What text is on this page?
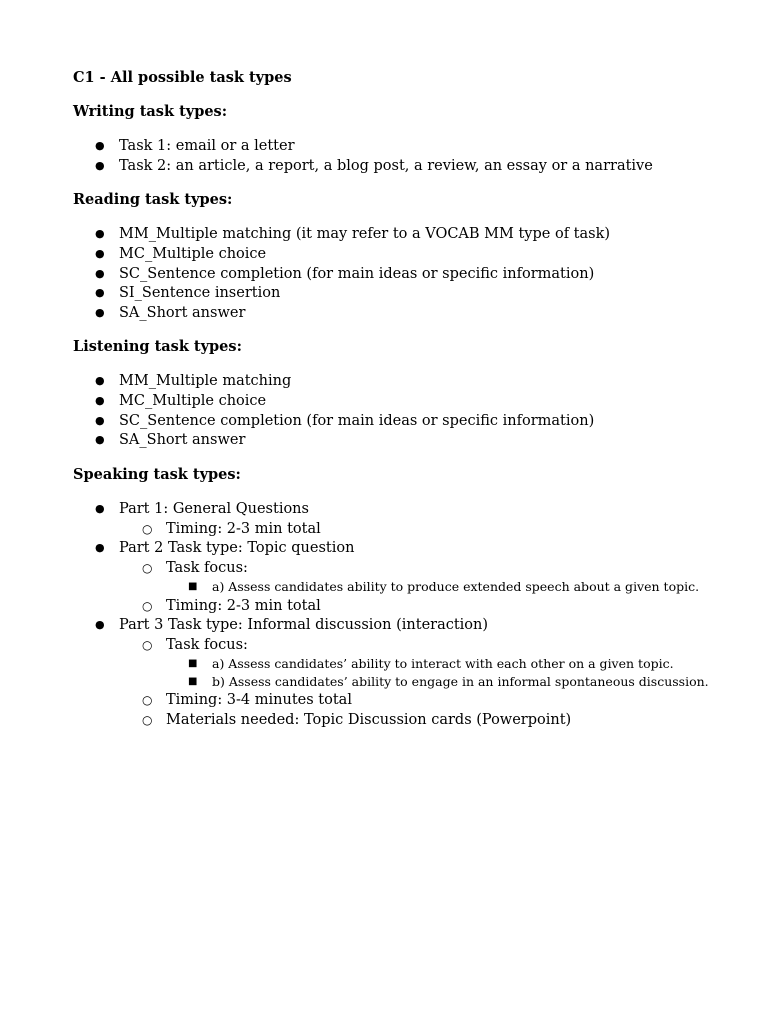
C1 - All possible task types
Writing task types:
● Task 1: email or a letter
● Task 2: an article, a report, a blog post, a review, an essay or a narrative
Reading task types:
● MM_Multiple matching (it may refer to a VOCAB MM type of task)
● MC_Multiple choice
● SC_Sentence completion (for main ideas or specific information)
● SI_Sentence insertion
● SA_Short answer
Listening task types:
● MM_Multiple matching
● MC_Multiple choice
● SC_Sentence completion (for main ideas or specific information)
● SA_Short answer
Speaking task types:
● Part 1: General Questions
○ Timing: 2-3 min total
● Part 2 Task type: Topic question
○ Task focus:
■ a) Assess candidates ability to produce extended speech about a given topic.
○ Timing: 2-3 min total
● Part 3 Task type: Informal discussion (interaction)
○ Task focus:
■ a) Assess candidates’ ability to interact with each other on a given topic.
■ b) Assess candidates’ ability to engage in an informal spontaneous discussion.
○ Timing: 3-4 minutes total
○ Materials needed: Topic Discussion cards (Powerpoint)
